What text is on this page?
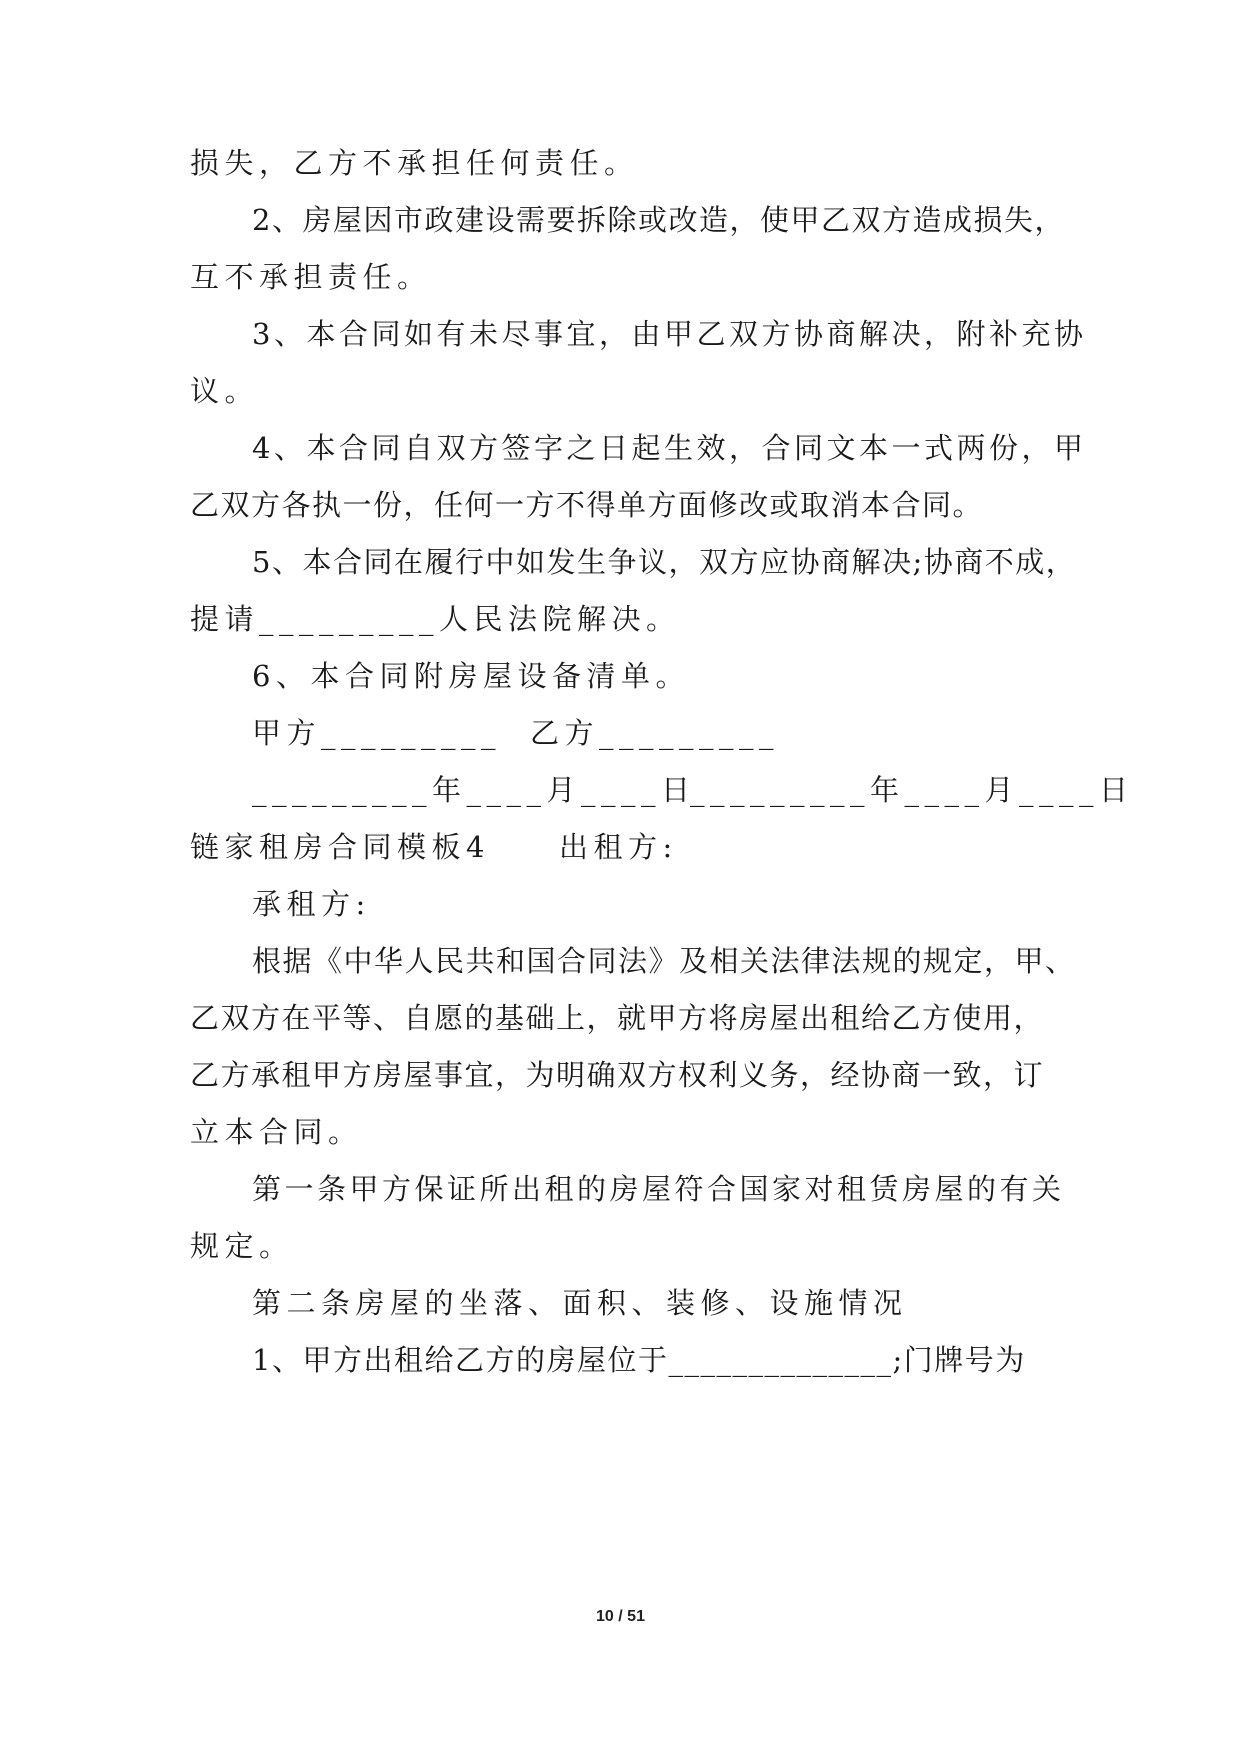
损失，乙方不承担任何责任。
2、房屋因市政建设需要拆除或改造，使甲乙双方造成损失，
互不承担责任。
3、本合同如有未尽事宜，由甲乙双方协商解决，附补充协
议。
4、本合同自双方签字之日起生效，合同文本一式两份，甲
乙双方各执一份，任何一方不得单方面修改或取消本合同。
5、本合同在履行中如发生争议，双方应协商解决;协商不成，
提请_________人民法院解决。
6、本合同附房屋设备清单。
甲方_________ 乙方_________
_________年____月____日
_________年____月____日
链家租房合同模板4　　出租方:
承租方:
根据《中华人民共和国合同法》及相关法律法规的规定，甲、
乙双方在平等、自愿的基础上，就甲方将房屋出租给乙方使用，
乙方承租甲方房屋事宜，为明确双方权利义务，经协商一致，订
立本合同。
第一条甲方保证所出租的房屋符合国家对租赁房屋的有关
规定。
第二条房屋的坐落、面积、装修、设施情况
1、甲方出租给乙方的房屋位于______________;门牌号为
10 / 51
